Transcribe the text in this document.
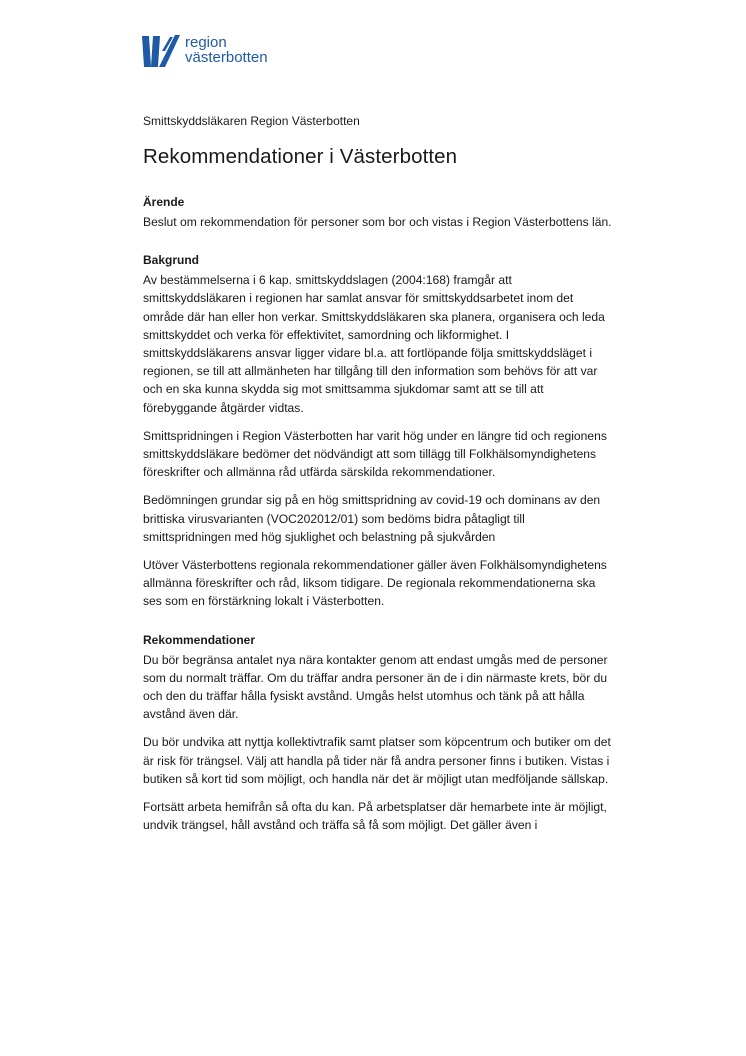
region
västerbotten

Smittskyddsläkaren Region Västerbotten

Rekommendationer i Västerbotten
Ärende

Beslut om rekommendation för personer som bor och vistas i Region Västerbottens län.

Bakgrund

Av bestämmelserna i 6 kap. smittskyddslagen (2004:168) framgår att smittskyddsläkaren i regionen har samlat ansvar för smittskyddsarbetet inom det område där han eller hon verkar. Smittskyddsläkaren ska planera, organisera och leda smittskyddet och verka för effektivitet, samordning och likformighet. I smittskyddsläkarens ansvar ligger vidare bl.a. att fortlöpande följa smittskyddsläget i regionen, se till att allmänheten har tillgång till den information som behövs för att var och en ska kunna skydda sig mot smittsamma sjukdomar samt att se till att förebyggande åtgärder vidtas.

Smittspridningen i Region Västerbotten har varit hög under en längre tid och regionens smittskyddsläkare bedömer det nödvändigt att som tillägg till Folkhälsomyndighetens föreskrifter och allmänna råd utfärda särskilda rekommendationer.

Bedömningen grundar sig på en hög smittspridning av covid-19 och dominans av den brittiska virusvarianten (VOC202012/01) som bedöms bidra påtagligt till smittspridningen med hög sjuklighet och belastning på sjukvården

Utöver Västerbottens regionala rekommendationer gäller även Folkhälsomyndighetens allmänna föreskrifter och råd, liksom tidigare. De regionala rekommendationerna ska ses som en förstärkning lokalt i Västerbotten.

Rekommendationer

Du bör begränsa antalet nya nära kontakter genom att endast umgås med de personer som du normalt träffar. Om du träffar andra personer än de i din närmaste krets, bör du och den du träffar hålla fysiskt avstånd. Umgås helst utomhus och tänk på att hålla avstånd även där.

Du bör undvika att nyttja kollektivtrafik samt platser som köpcentrum och butiker om det är risk för trängsel. Välj att handla på tider när få andra personer finns i butiken. Vistas i butiken så kort tid som möjligt, och handla när det är möjligt utan medföljande sällskap.

Fortsätt arbeta hemifrån så ofta du kan. På arbetsplatser där hemarbete inte är möjligt, undvik trängsel, håll avstånd och träffa så få som möjligt. Det gäller även i
